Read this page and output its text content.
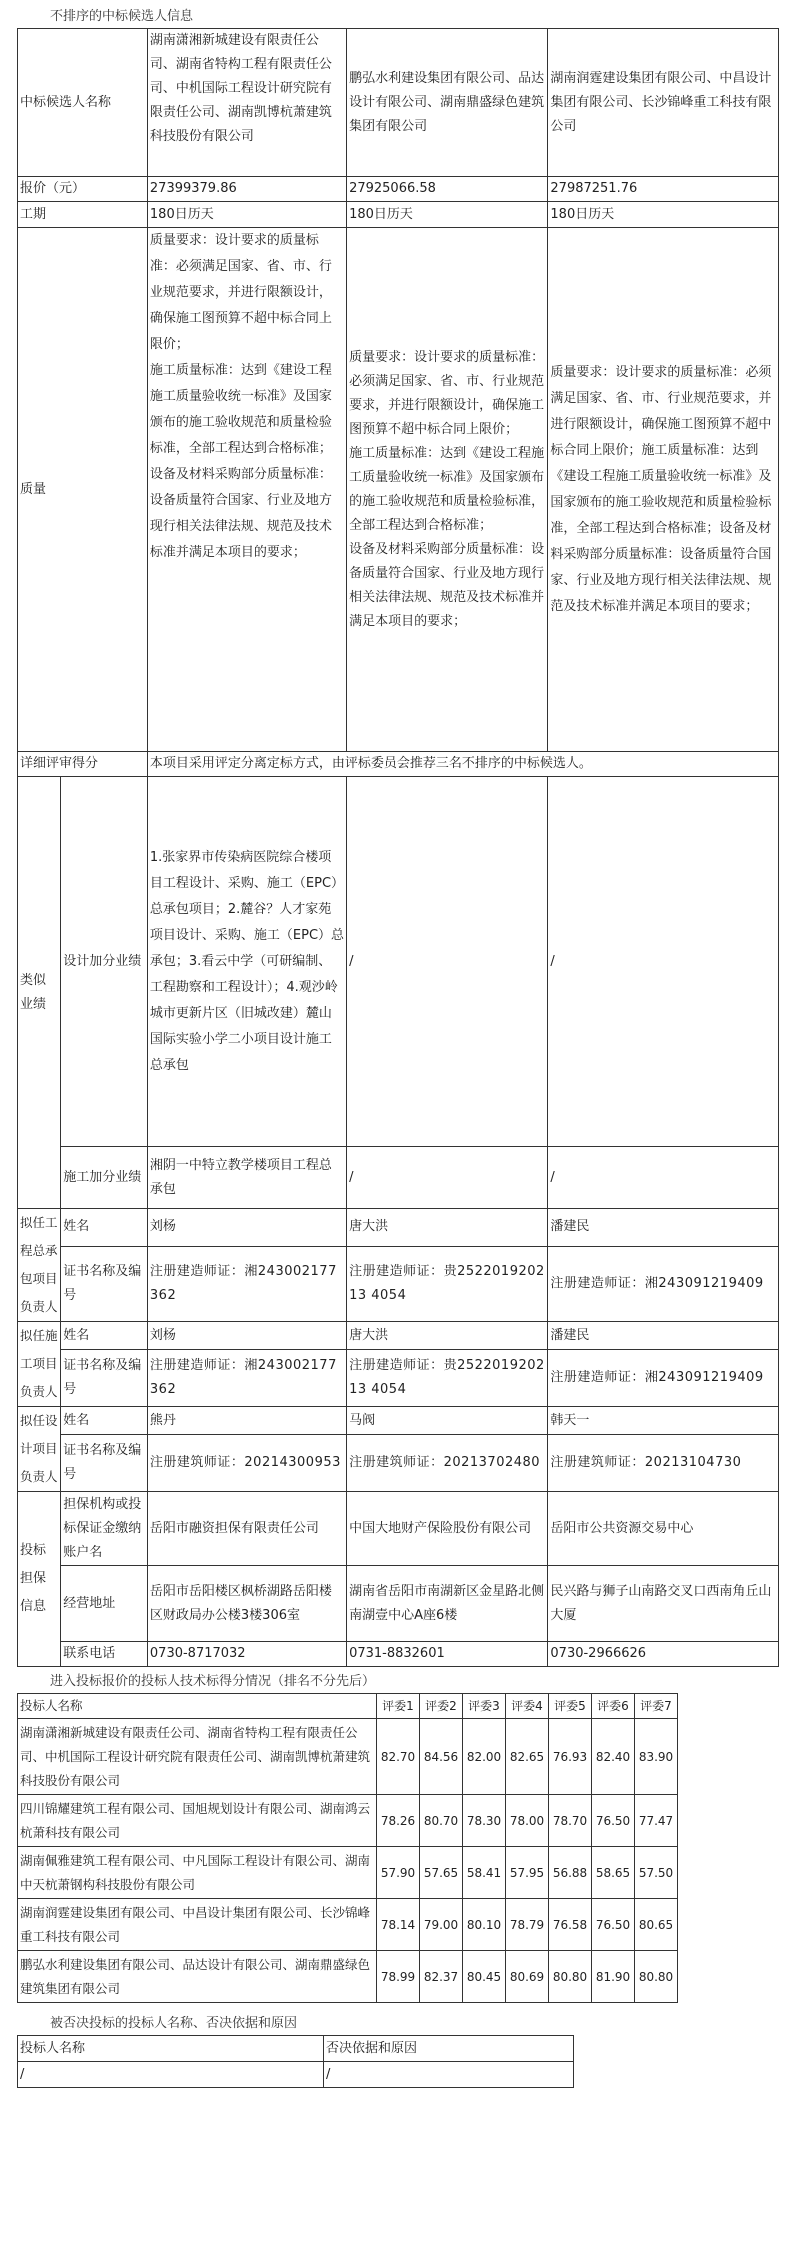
不排序的中标候选人信息
中标候选人名称		湖南潇湘新城建设有限责任公司、湖南省特构工程有限责任公司、中机国际工程设计研究院有限责任公司、湖南凯博杭萧建筑科技股份有限公司	鹏弘水利建设集团有限公司、品达设计有限公司、湖南鼎盛绿色建筑集团有限公司	湖南润霆建设集团有限公司、中昌设计集团有限公司、长沙锦峰重工科技有限公司
报价（元）		27399379.86	27925066.58	27987251.76
工期		180日历天	180日历天	180日历天
质量		质量要求：设计要求的质量标准：必须满足国家、省、市、行业规范要求，并进行限额设计，确保施工图预算不超中标合同上限价；
施工质量标准：达到《建设工程施工质量验收统一标准》及国家颁布的施工验收规范和质量检验标准，全部工程达到合格标准；
设备及材料采购部分质量标准：设备质量符合国家、行业及地方现行相关法律法规、规范及技术标准并满足本项目的要求；	质量要求：设计要求的质量标准：必须满足国家、省、市、行业规范要求，并进行限额设计，确保施工图预算不超中标合同上限价；
施工质量标准：达到《建设工程施工质量验收统一标准》及国家颁布的施工验收规范和质量检验标准，全部工程达到合格标准；
设备及材料采购部分质量标准：设备质量符合国家、行业及地方现行相关法律法规、规范及技术标准并满足本项目的要求；	质量要求：设计要求的质量标准：必须满足国家、省、市、行业规范要求，并进行限额设计，确保施工图预算不超中标合同上限价；施工质量标准：达到《建设工程施工质量验收统一标准》及国家颁布的施工验收规范和质量检验标准，全部工程达到合格标准；设备及材料采购部分质量标准：设备质量符合国家、行业及地方现行相关法律法规、规范及技术标准并满足本项目的要求；
详细评审得分		本项目采用评定分离定标方式，由评标委员会推荐三名不排序的中标候选人。		
类似业绩	设计加分业绩	1.张家界市传染病医院综合楼项目工程设计、采购、施工（EPC）总承包项目；2.麓谷？人才家苑项目设计、采购、施工（EPC）总承包；3.看云中学（可研编制、工程勘察和工程设计）；4.观沙岭城市更新片区（旧城改建）麓山国际实验小学二小项目设计施工总承包	/	/
	施工加分业绩	湘阴一中特立教学楼项目工程总承包	/	/
拟任工程总承包项目负责人	姓名	刘杨	唐大洪	潘建民
	证书名称及编号	注册建造师证：湘243002177362	注册建造师证：贵252201920213 4054	注册建造师证：湘243091219409
拟任施工项目负责人	姓名	刘杨	唐大洪	潘建民
	证书名称及编号	注册建造师证：湘243002177362	注册建造师证：贵252201920213 4054	注册建造师证：湘243091219409
拟任设计项目负责人	姓名	熊丹	马阀	韩天一
	证书名称及编号	注册建筑师证：20214300953	注册建筑师证：20213702480	注册建筑师证：20213104730
投标担保信息	担保机构或投标保证金缴纳账户名	岳阳市融资担保有限责任公司	中国大地财产保险股份有限公司	岳阳市公共资源交易中心
	经营地址	岳阳市岳阳楼区枫桥湖路岳阳楼区财政局办公楼3楼306室	湖南省岳阳市南湖新区金星路北侧南湖壹中心A座6楼	民兴路与狮子山南路交叉口西南角丘山大厦
	联系电话	0730-8717032	0731-8832601	0730-2966626
进入投标报价的投标人技术标得分情况（排名不分先后）
投标人名称	评委1	评委2	评委3	评委4	评委5	评委6	评委7
湖南潇湘新城建设有限责任公司、湖南省特构工程有限责任公司、中机国际工程设计研究院有限责任公司、湖南凯博杭萧建筑科技股份有限公司	82.70	84.56	82.00	82.65	76.93	82.40	83.90
四川锦耀建筑工程有限公司、国旭规划设计有限公司、湖南鸿云杭萧科技有限公司	78.26	80.70	78.30	78.00	78.70	76.50	77.47
湖南佩雅建筑工程有限公司、中凡国际工程设计有限公司、湖南中天杭萧钢构科技股份有限公司	57.90	57.65	58.41	57.95	56.88	58.65	57.50
湖南润霆建设集团有限公司、中昌设计集团有限公司、长沙锦峰重工科技有限公司	78.14	79.00	80.10	78.79	76.58	76.50	80.65
鹏弘水利建设集团有限公司、品达设计有限公司、湖南鼎盛绿色建筑集团有限公司	78.99	82.37	80.45	80.69	80.80	81.90	80.80
被否决投标的投标人名称、否决依据和原因
投标人名称	否决依据和原因
/	/
